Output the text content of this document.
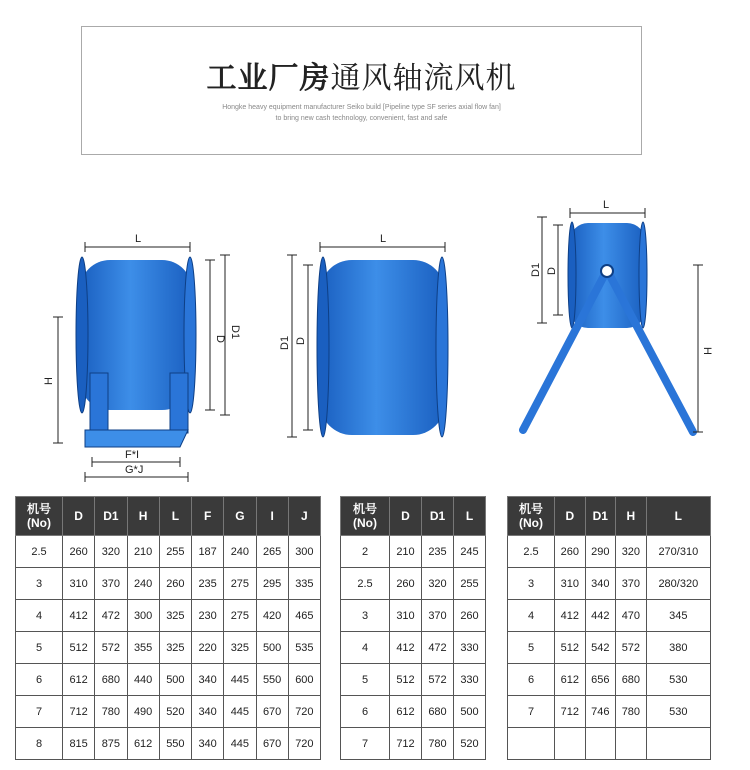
工业厂房通风轴流风机
Hongke heavy equipment manufacturer Seiko build [Pipeline type SF series axial flow fan]
to bring new cash technology, convenient, fast and safe
L
D D1
H
F*I
G*J
L
D1 D
L
D1 D
H
机号
(No)	D	D1	H	L	F	G	I	J
2.5	260	320	210	255	187	240	265	300
3	310	370	240	260	235	275	295	335
4	412	472	300	325	230	275	420	465
5	512	572	355	325	220	325	500	535
6	612	680	440	500	340	445	550	600
7	712	780	490	520	340	445	670	720
8	815	875	612	550	340	445	670	720
机号
(No)	D	D1	L
2	210	235	245
2.5	260	320	255
3	310	370	260
4	412	472	330
5	512	572	330
6	612	680	500
7	712	780	520
机号
(No)	D	D1	H	L
2.5	260	290	320	270/310
3	310	340	370	280/320
4	412	442	470	345
5	512	542	572	380
6	612	656	680	530
7	712	746	780	530
